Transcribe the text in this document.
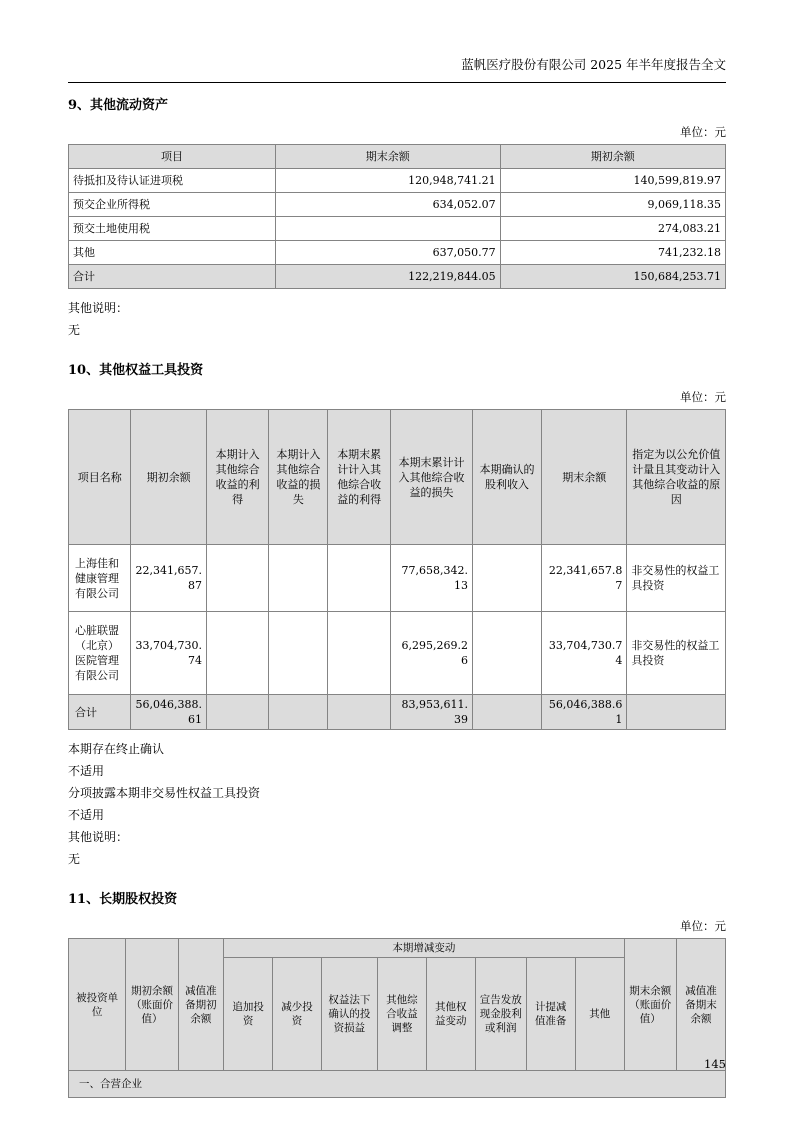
蓝帆医疗股份有限公司 2025 年半年度报告全文
9、其他流动资产
单位：元
项目	期末余额	期初余额
待抵扣及待认证进项税	120,948,741.21	140,599,819.97
预交企业所得税	634,052.07	9,069,118.35
预交土地使用税		274,083.21
其他	637,050.77	741,232.18
合计	122,219,844.05	150,684,253.71

其他说明：

无

10、其他权益工具投资
单位：元
项目名称	期初余额	本期计入其他综合收益的利得	本期计入其他综合收益的损失	本期末累计计入其他综合收益的利得	本期末累计计入其他综合收益的损失	本期确认的股利收入	期末余额	指定为以公允价值计量且其变动计入其他综合收益的原因
上海佳和健康管理有限公司	22,341,657.87				77,658,342.13		22,341,657.87	非交易性的权益工具投资
心脏联盟（北京）医院管理有限公司	33,704,730.74				6,295,269.26		33,704,730.74	非交易性的权益工具投资
合计	56,046,388.61				83,953,611.39		56,046,388.61	

本期存在终止确认

不适用

分项披露本期非交易性权益工具投资

不适用

其他说明：

无

11、长期股权投资
单位：元
被投资单位	期初余额（账面价值）	减值准备期初余额	本期增减变动								期末余额（账面价值）	减值准备期末余额
			追加投资	减少投资	权益法下确认的投资损益	其他综合收益调整	其他权益变动	宣告发放现金股利或利润	计提减值准备	其他		
一、合营企业												
145
